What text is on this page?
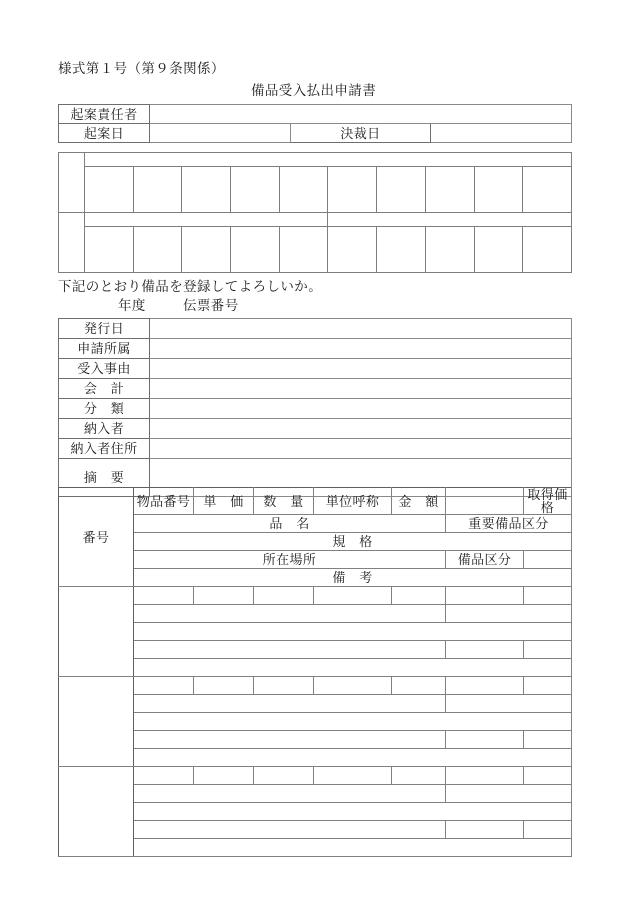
様式第１号（第９条関係）
備品受入払出申請書
起案責任者			
起案日		決裁日	

下記のとおり備品を登録してよろしいか。
年度	伝票番号
発行日	
申請所属	
受入事由	
会　計	
分　類	
納入者	
納入者住所	
摘　要	
番号	物品番号	単　価	数　量	単位呼称	金　額		取得価格
	品　名					重要備品区分	
	規　格						
	所在場所					備品区分	
	備　考						
